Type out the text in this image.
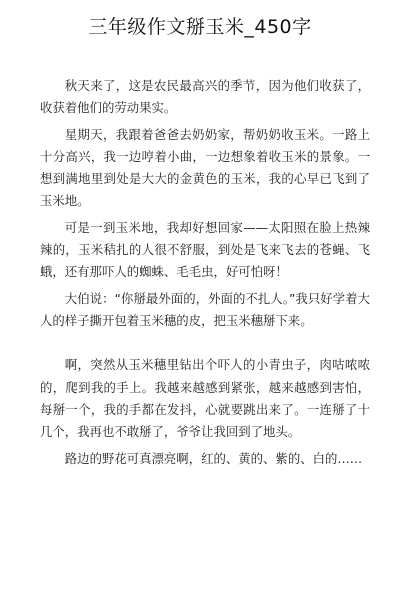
三年级作文掰玉米_450字

秋天来了，这是农民最高兴的季节，因为他们收获了，收获着他们的劳动果实。

星期天，我跟着爸爸去奶奶家，帮奶奶收玉米。一路上十分高兴，我一边哼着小曲，一边想象着收玉米的景象。一想到满地里到处是大大的金黄色的玉米，我的心早已飞到了玉米地。

可是一到玉米地，我却好想回家——太阳照在脸上热辣辣的，玉米秸扎的人很不舒服，到处是飞来飞去的苍蝇、飞蛾，还有那吓人的蜘蛛、毛毛虫，好可怕呀！

大伯说：“你掰最外面的，外面的不扎人。”我只好学着大人的样子撕开包着玉米穗的皮，把玉米穗掰下来。

啊，突然从玉米穗里钻出个吓人的小青虫子，肉咕哝哝的，爬到我的手上。我越来越感到紧张，越来越感到害怕，每掰一个，我的手都在发抖，心就要跳出来了。一连掰了十几个，我再也不敢掰了，爷爷让我回到了地头。

路边的野花可真漂亮啊，红的、黄的、紫的、白的……
